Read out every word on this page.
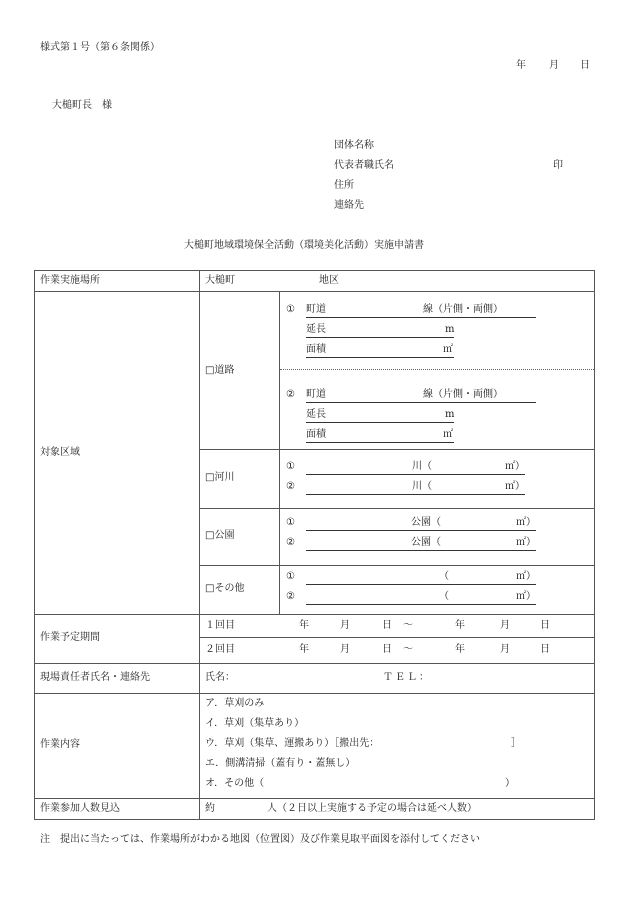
様式第１号（第６条関係）
年 月 日
大槌町長　様
団体名称
代表者職氏名	印
住所
連絡先
大槌町地域環境保全活動（環境美化活動）実施申請書
作業実施場所	大槌町	地区
対象区域
□道路
① 町道	線（片側・両側）
延長	m
面積	㎡
② 町道	線（片側・両側）
延長	m
面積	㎡
□河川
①	川（	㎡）
②	川（	㎡）
□公園
①	公園（	㎡）
②	公園（	㎡）
□その他
①	（	㎡）
②	（	㎡）
作業予定期間
１回目	年	月	日 〜	年	月	日
２回目	年	月	日 〜	年	月	日
現場責任者氏名・連絡先	氏名：	ＴＥＬ：
作業内容
ア．草刈のみ
イ．草刈（集草あり）
ウ．草刈（集草、運搬あり）［搬出先：	］
エ．側溝清掃（蓋有り・蓋無し）
オ．その他（	）
作業参加人数見込	約	人（２日以上実施する予定の場合は延べ人数）
注　提出に当たっては、作業場所がわかる地図（位置図）及び作業見取平面図を添付してください
